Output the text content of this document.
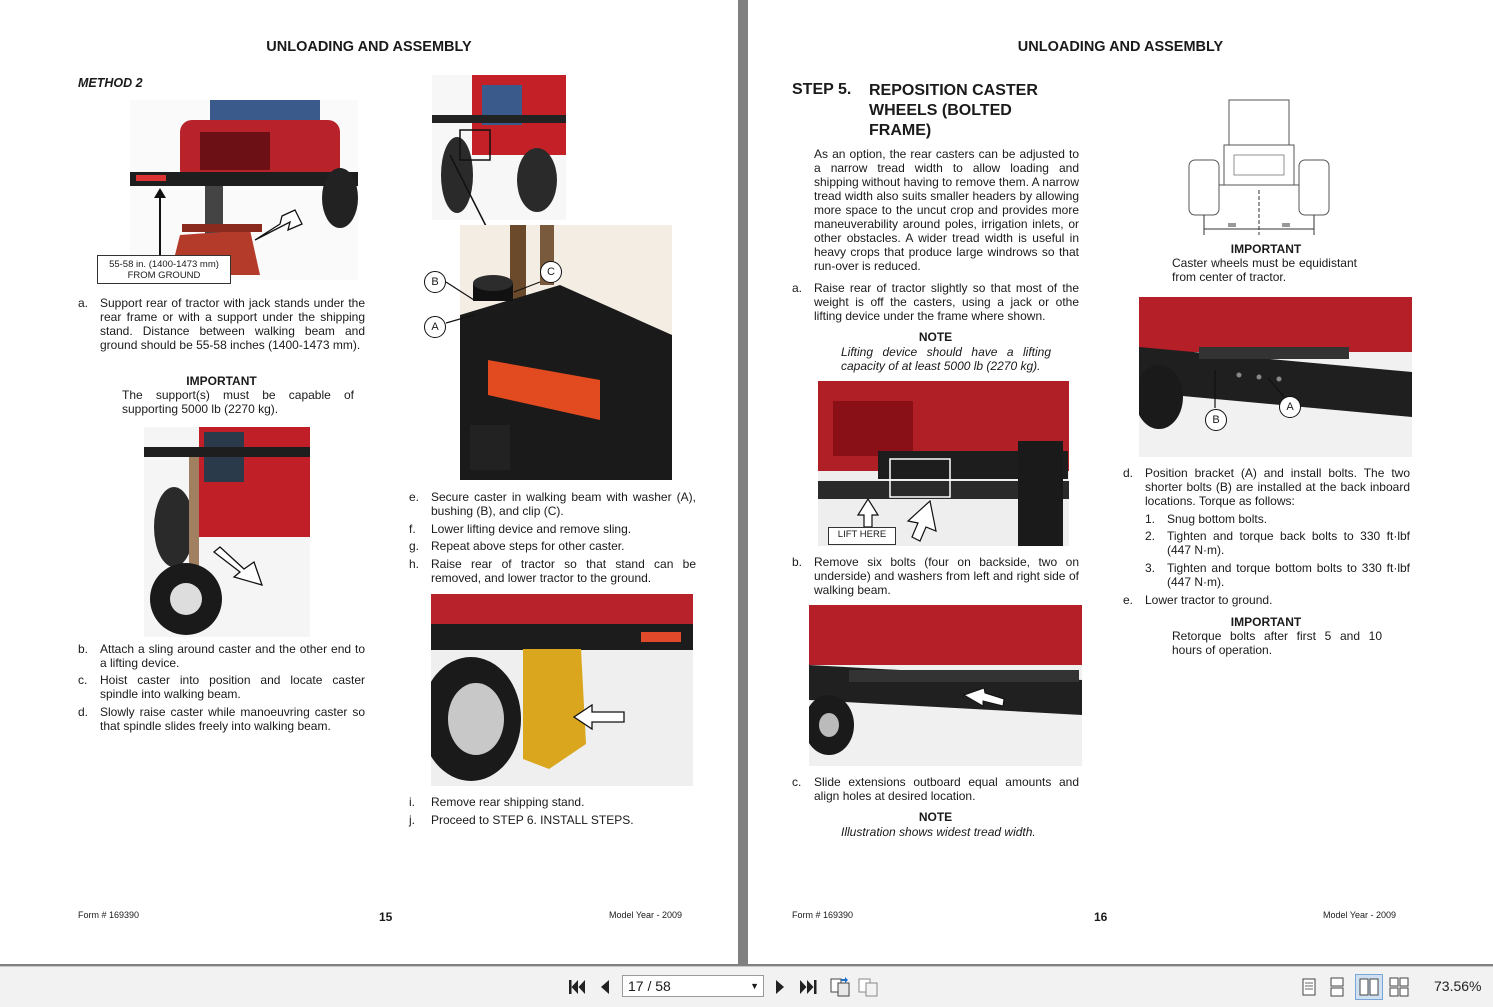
UNLOADING AND ASSEMBLY
METHOD 2
55-58 in. (1400-1473 mm)
FROM GROUND
a. Support rear of tractor with jack stands under the rear frame or with a support under the shipping stand. Distance between walking beam and ground should be 55-58 inches (1400-1473 mm).
IMPORTANT
The support(s) must be capable of supporting 5000 lb (2270 kg).
b. Attach a sling around caster and the other end to a lifting device.
c. Hoist caster into position and locate caster spindle into walking beam.
d. Slowly raise caster while manoeuvring caster so that spindle slides freely into walking beam.
B
C
A
e. Secure caster in walking beam with washer (A), bushing (B), and clip (C).
f. Lower lifting device and remove sling.
g. Repeat above steps for other caster.
h. Raise rear of tractor so that stand can be removed, and lower tractor to the ground.
i. Remove rear shipping stand.
j. Proceed to STEP 6. INSTALL STEPS.
Form # 169390	15	Model Year - 2009
UNLOADING AND ASSEMBLY
STEP 5. REPOSITION CASTER
WHEELS (BOLTED
FRAME)
As an option, the rear casters can be adjusted to a narrow tread width to allow loading and shipping without having to remove them. A narrow tread width also suits smaller headers by allowing more space to the uncut crop and provides more maneuverability around poles, irrigation inlets, or other obstacles. A wider tread width is useful in heavy crops that produce large windrows so that run-over is reduced.
a. Raise rear of tractor slightly so that most of the weight is off the casters, using a jack or othe lifting device under the frame where shown.
NOTE
Lifting device should have a lifting capacity of at least 5000 lb (2270 kg).
LIFT HERE
b. Remove six bolts (four on backside, two on underside) and washers from left and right side of walking beam.
c. Slide extensions outboard equal amounts and align holes at desired location.
NOTE
Illustration shows widest tread width.
IMPORTANT
Caster wheels must be equidistant from center of tractor.
B
A
d. Position bracket (A) and install bolts. The two shorter bolts (B) are installed at the back inboard locations. Torque as follows:
1. Snug bottom bolts.
2. Tighten and torque back bolts to 330 ft·lbf (447 N·m).
3. Tighten and torque bottom bolts to 330 ft·lbf (447 N·m).
e. Lower tractor to ground.
IMPORTANT
Retorque bolts after first 5 and 10 hours of operation.
Form # 169390	16	Model Year - 2009
17 / 58	▼	73.56%
